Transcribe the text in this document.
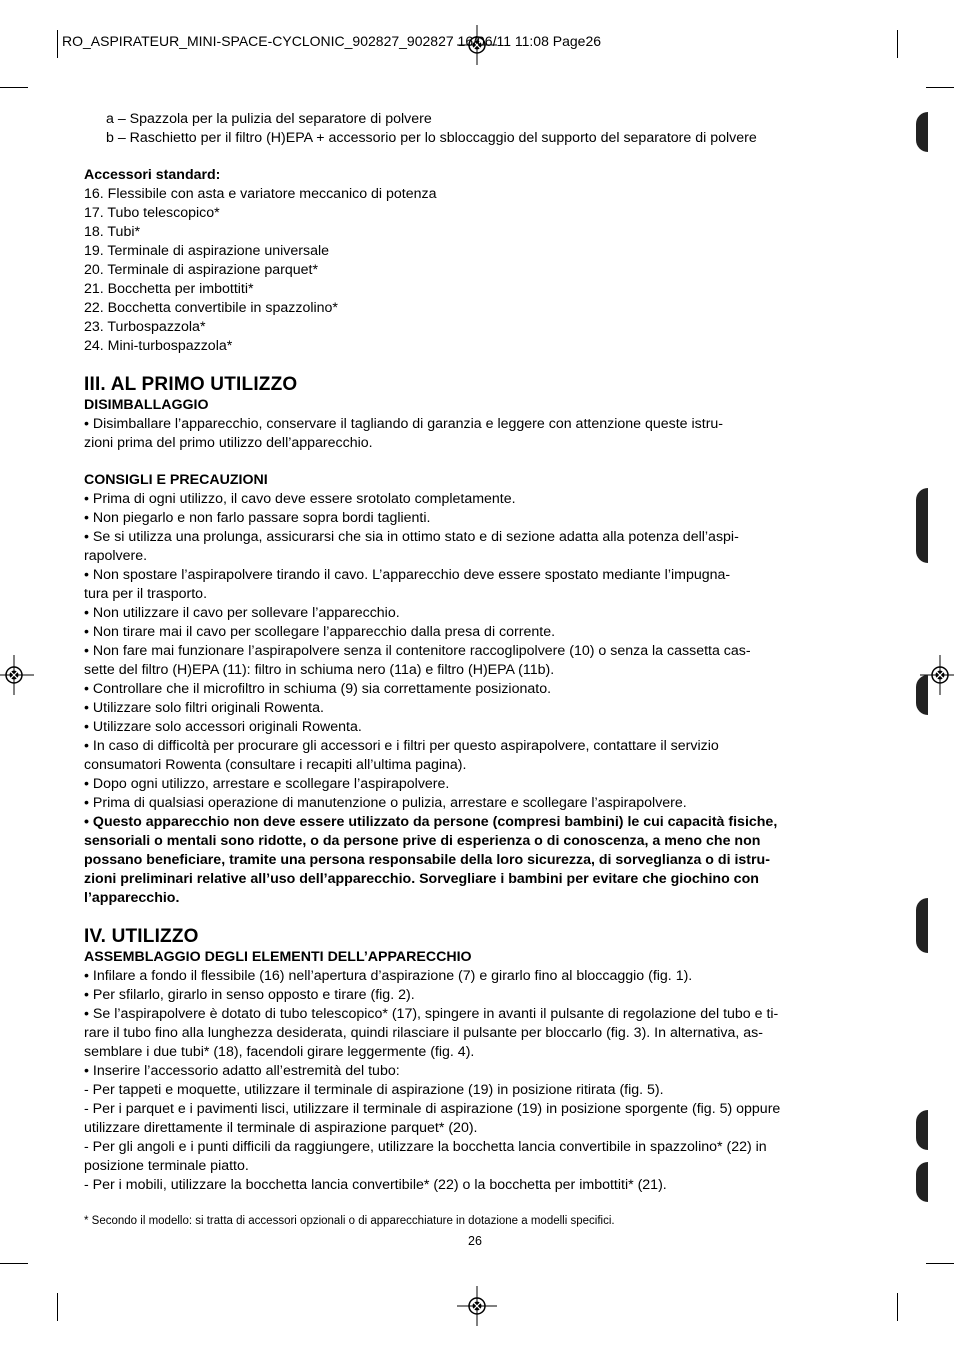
RO_ASPIRATEUR_MINI-SPACE-CYCLONIC_902827_902827 16/06/11 11:08 Page26

a – Spazzola per la pulizia del separatore di polvere

b – Raschietto per il filtro (H)EPA + accessorio per lo sbloccaggio del supporto del separatore di polvere

Accessori standard:

16. Flessibile con asta e variatore meccanico di potenza

17. Tubo telescopico*

18. Tubi*

19. Terminale di aspirazione universale

20. Terminale di aspirazione parquet*

21. Bocchetta per imbottiti*

22. Bocchetta convertibile in spazzolino*

23. Turbospazzola*

24. Mini-turbospazzola*

III. AL PRIMO UTILIZZO
DISIMBALLAGGIO

• Disimballare l’apparecchio, conservare il tagliando di garanzia e leggere con attenzione queste istru-

zioni prima del primo utilizzo dell’apparecchio.

CONSIGLI E PRECAUZIONI

• Prima di ogni utilizzo, il cavo deve essere srotolato completamente.

• Non piegarlo e non farlo passare sopra bordi taglienti.

• Se si utilizza una prolunga, assicurarsi che sia in ottimo stato e di sezione adatta alla potenza dell’aspi-

rapolvere.

• Non spostare l’aspirapolvere tirando il cavo. L’apparecchio deve essere spostato mediante l’impugna-

tura per il trasporto.

• Non utilizzare il cavo per sollevare l’apparecchio.

• Non tirare mai il cavo per scollegare l’apparecchio dalla presa di corrente.

• Non fare mai funzionare l’aspirapolvere senza il contenitore raccoglipolvere (10) o senza la cassetta cas-

sette del filtro (H)EPA (11): filtro in schiuma nero (11a) e filtro (H)EPA (11b).

• Controllare che il microfiltro in schiuma (9) sia correttamente posizionato.

• Utilizzare solo filtri originali Rowenta.

• Utilizzare solo accessori originali Rowenta.

• In caso di difficoltà per procurare gli accessori e i filtri per questo aspirapolvere, contattare il servizio

consumatori Rowenta (consultare i recapiti all’ultima pagina).

• Dopo ogni utilizzo, arrestare e scollegare l’aspirapolvere.

• Prima di qualsiasi operazione di manutenzione o pulizia, arrestare e scollegare l’aspirapolvere.

• Questo apparecchio non deve essere utilizzato da persone (compresi bambini) le cui capacità fisiche,

sensoriali o mentali sono ridotte, o da persone prive di esperienza o di conoscenza, a meno che non

possano beneficiare, tramite una persona responsabile della loro sicurezza, di sorveglianza o di istru-

zioni preliminari relative all’uso dell’apparecchio. Sorvegliare i bambini per evitare che giochino con

l’apparecchio.

IV. UTILIZZO
ASSEMBLAGGIO DEGLI ELEMENTI DELL’APPARECCHIO

• Infilare a fondo il flessibile (16) nell’apertura d’aspirazione (7) e girarlo fino al bloccaggio (fig. 1).

• Per sfilarlo, girarlo in senso opposto e tirare (fig. 2).

• Se l’aspirapolvere è dotato di tubo telescopico* (17), spingere in avanti il pulsante di regolazione del tubo e ti-

rare il tubo fino alla lunghezza desiderata, quindi rilasciare il pulsante per bloccarlo (fig. 3). In alternativa, as-

semblare i due tubi* (18), facendoli girare leggermente (fig. 4).

• Inserire l’accessorio adatto all’estremità del tubo:

- Per tappeti e moquette, utilizzare il terminale di aspirazione (19) in posizione ritirata (fig. 5).

- Per i parquet e i pavimenti lisci, utilizzare il terminale di aspirazione (19) in posizione sporgente (fig. 5) oppure

utilizzare direttamente il terminale di aspirazione parquet* (20).

- Per gli angoli e i punti difficili da raggiungere, utilizzare la bocchetta lancia convertibile in spazzolino* (22) in

posizione terminale piatto.

- Per i mobili, utilizzare la bocchetta lancia convertibile* (22) o la bocchetta per imbottiti* (21).

* Secondo il modello: si tratta di accessori opzionali o di apparecchiature in dotazione a modelli specifici.
26
